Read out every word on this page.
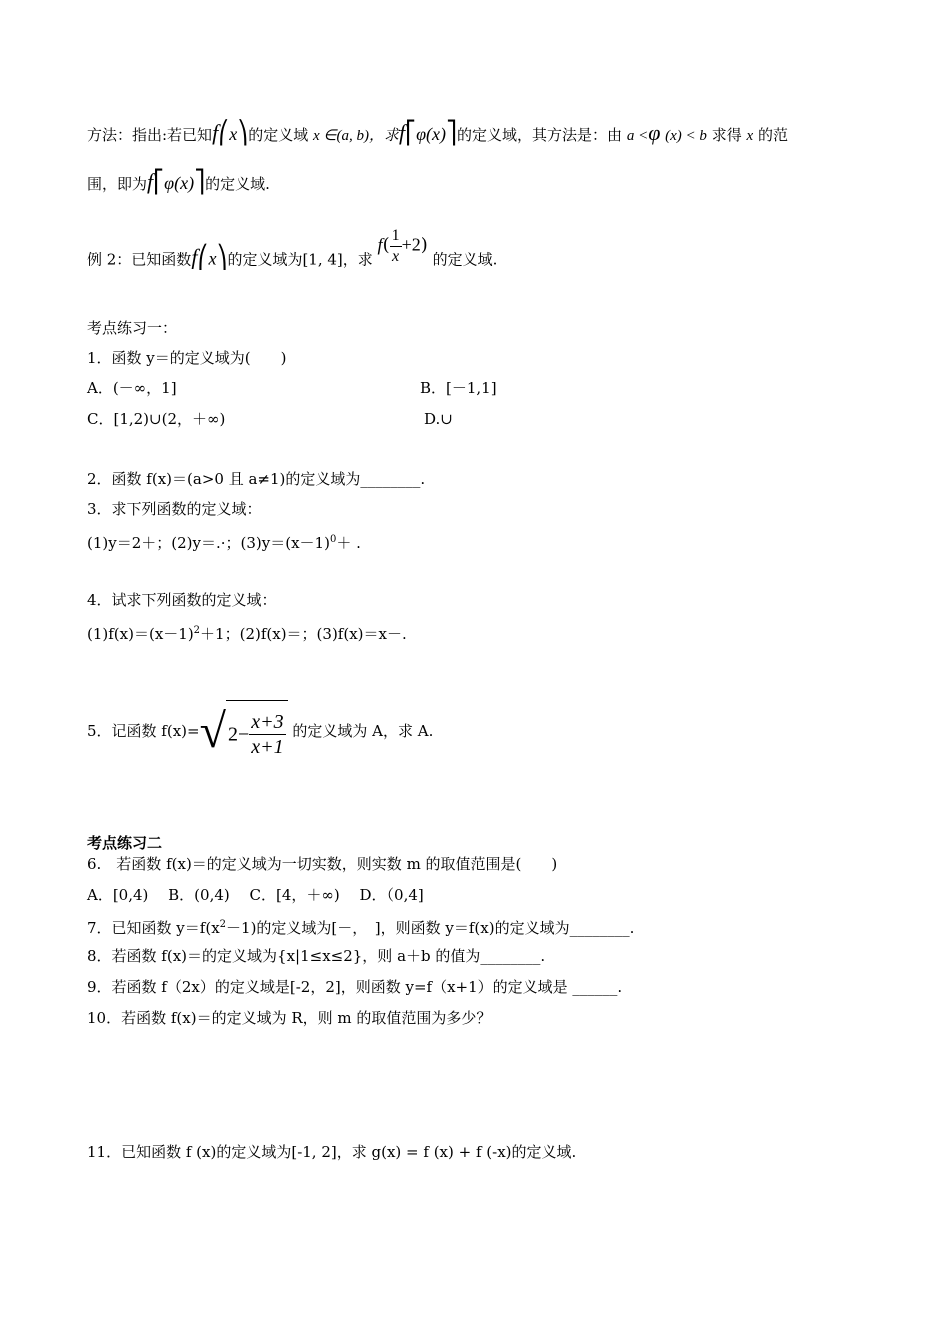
方法：指出:若已知f⎛x⎞的定义域 x ∈(a, b)，求f⎡φ(x)⎤的定义域，其方法是：由 a <φ (x) < b 求得 x 的范
围，即为f⎡φ(x)⎤的定义域.
例 2：已知函数f⎛x⎞的定义域为[1, 4]，求 $f( \frac{1}{x} +2)$ 的定义域.
考点练习一：
1．函数 y＝的定义域为(　　)
A．(－∞，1]	B．[－1,1]
C．[1,2)∪(2，＋∞)	D.∪
2．函数 f(x)＝(a>0 且 a≠1)的定义域为________.
3．求下列函数的定义域：
(1)y＝2＋；(2)y＝.·；$(3)y=(x-1)^0+$ .
4．试求下列函数的定义域：
$(1)f(x)=(x-1)^2+1$；(2)f(x)＝；(3)f(x)＝x－.
5．记函数 f(x)=√ $2- \frac{x+3}{x+1}$ 的定义域为 A，求 A.
考点练习二
6.　若函数 f(x)＝的定义域为一切实数，则实数 m 的取值范围是(　　)
A．[0,4)　 B．(0,4)　 C．[4，＋∞)　 D．（0,4]
7．已知函数 $y=f(x^2-1)$的定义域为[－，　]，则函数 y＝f(x)的定义域为________.
8．若函数 f(x)＝的定义域为{x|1≤x≤2}，则 a＋b 的值为________.
9．若函数 f（2x）的定义域是[-2，2]，则函数 y=f（x+1）的定义域是 ______.
10．若函数 f(x)＝的定义域为 R，则 m 的取值范围为多少？
11．已知函数 f (x)的定义域为[-1, 2]，求 g(x) = f (x) + f (-x)的定义域.
